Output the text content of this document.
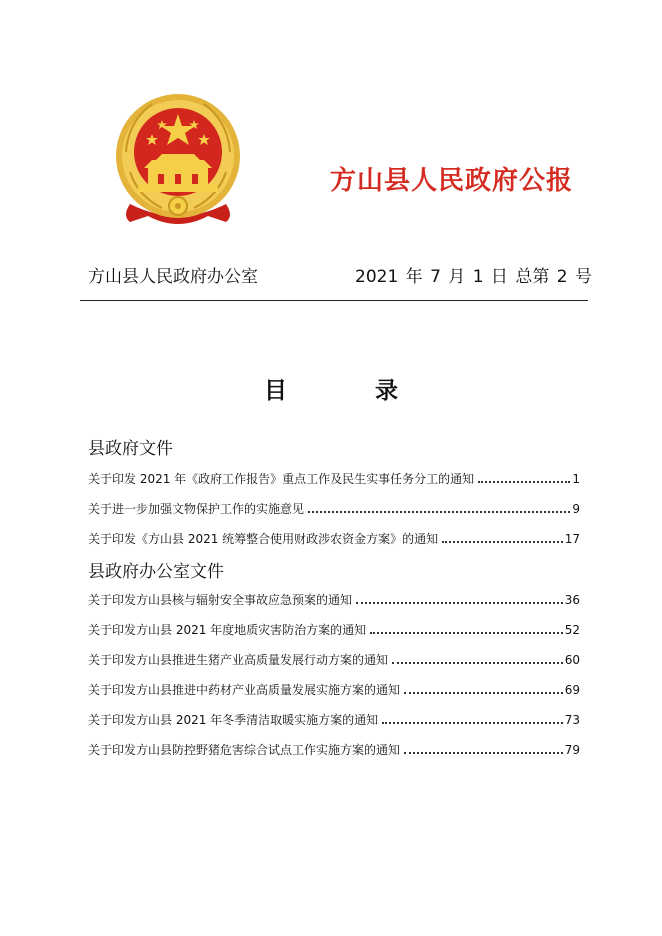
方山县人民政府公报
方山县人民政府办公室	2021 年 7 月 1 日 总第 2 号
目录
县政府文件
关于印发 2021 年《政府工作报告》重点工作及民生实事任务分工的通知	1
关于进一步加强文物保护工作的实施意见	9
关于印发《方山县 2021 统筹整合使用财政涉农资金方案》的通知	17
县政府办公室文件
关于印发方山县核与辐射安全事故应急预案的通知	36
关于印发方山县 2021 年度地质灾害防治方案的通知	52
关于印发方山县推进生猪产业高质量发展行动方案的通知	60
关于印发方山县推进中药材产业高质量发展实施方案的通知	69
关于印发方山县 2021 年冬季清洁取暖实施方案的通知	73
关于印发方山县防控野猪危害综合试点工作实施方案的通知	79
